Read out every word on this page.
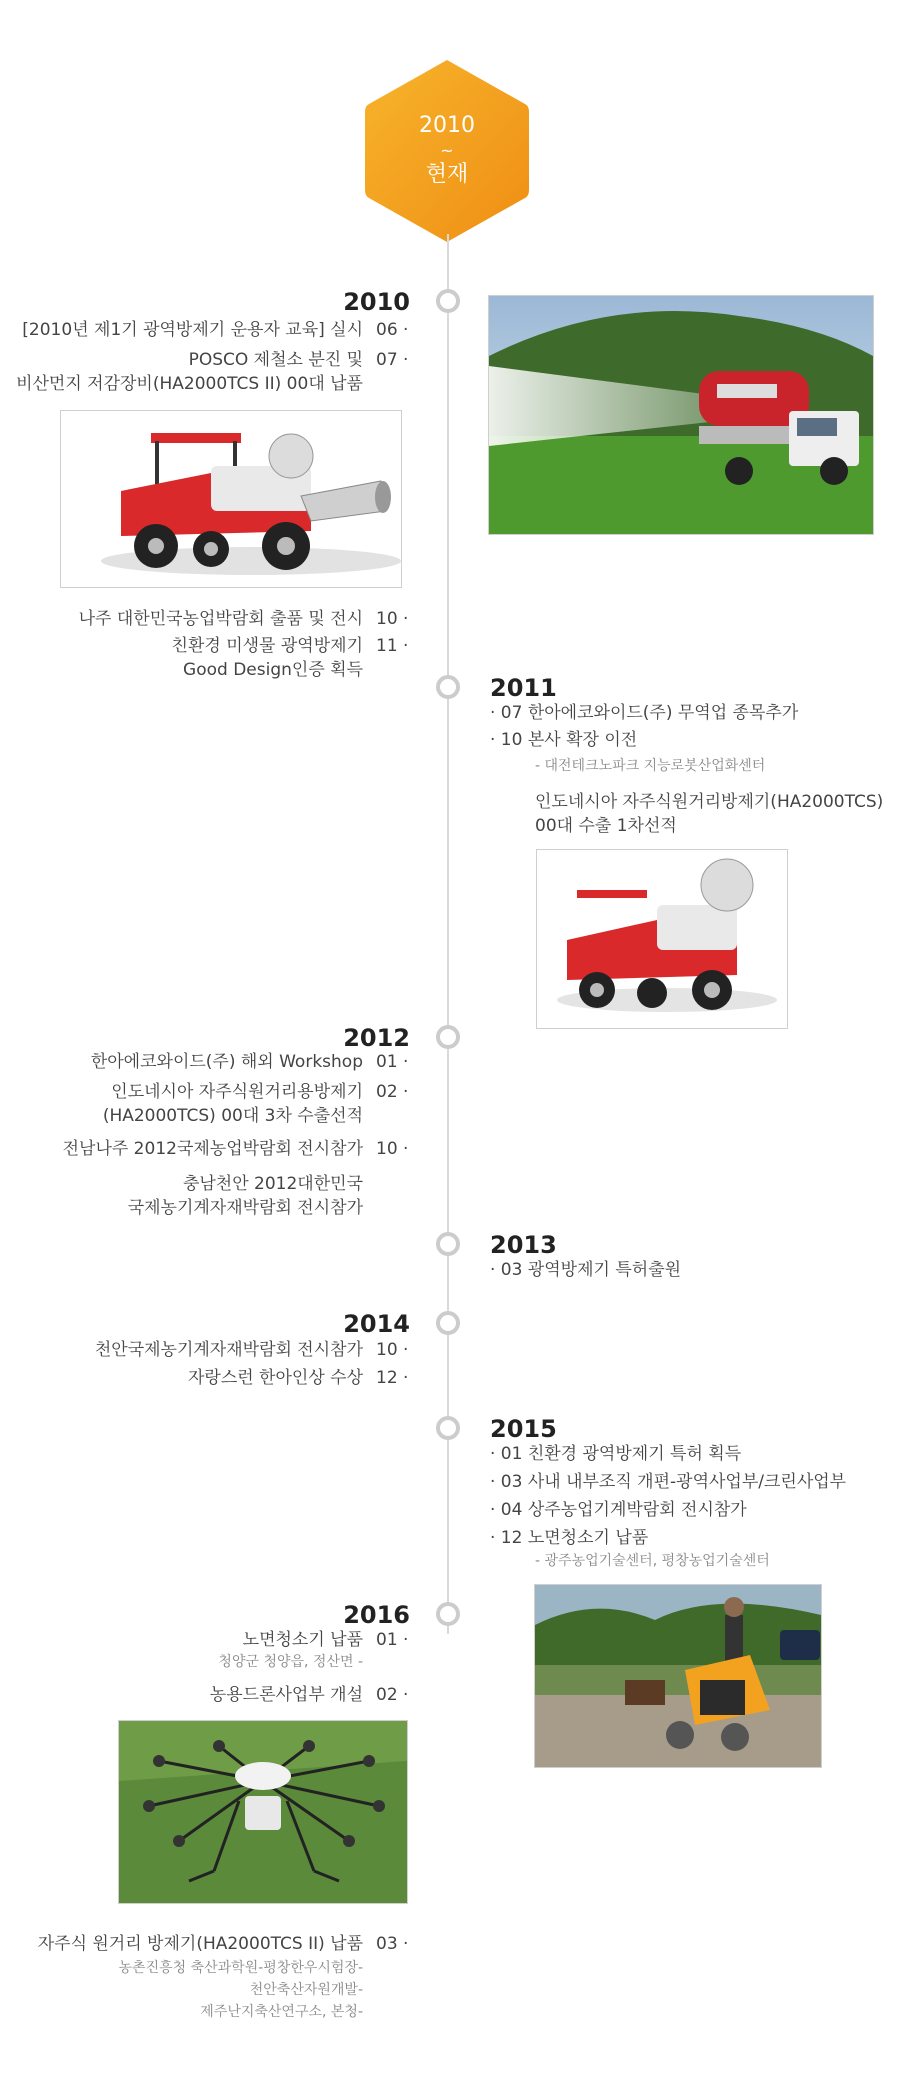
2010
~
현재
2010
[2010년 제1기 광역방제기 운용자 교육] 실시 06 ·
POSCO 제철소 분진 및 07 ·
비산먼지 저감장비(HA2000TCS II) 00대 납품
나주 대한민국농업박람회 출품 및 전시 10 ·
친환경 미생물 광역방제기 11 ·
Good Design인증 획득
2011
· 07 한아에코와이드(주) 무역업 종목추가
· 10 본사 확장 이전
- 대전테크노파크 지능로봇산업화센터
인도네시아 자주식원거리방제기(HA2000TCS)
00대 수출 1차선적
2012
한아에코와이드(주) 해외 Workshop 01 ·
인도네시아 자주식원거리용방제기 02 ·
(HA2000TCS) 00대 3차 수출선적
전남나주 2012국제농업박람회 전시참가 10 ·
충남천안 2012대한민국
국제농기계자재박람회 전시참가
2013
· 03 광역방제기 특허출원
2014
천안국제농기계자재박람회 전시참가 10 ·
자랑스런 한아인상 수상 12 ·
2015
· 01 친환경 광역방제기 특허 획득
· 03 사내 내부조직 개편-광역사업부/크린사업부
· 04 상주농업기계박람회 전시참가
· 12 노면청소기 납품
- 광주농업기술센터, 평창농업기술센터
2016
노면청소기 납품 01 ·
청양군 청양읍, 정산면 -
농용드론사업부 개설 02 ·
자주식 원거리 방제기(HA2000TCS II) 납품 03 ·
농촌진흥청 축산과학원-평창한우시험장-
천안축산자원개발-
제주난지축산연구소, 본청-
